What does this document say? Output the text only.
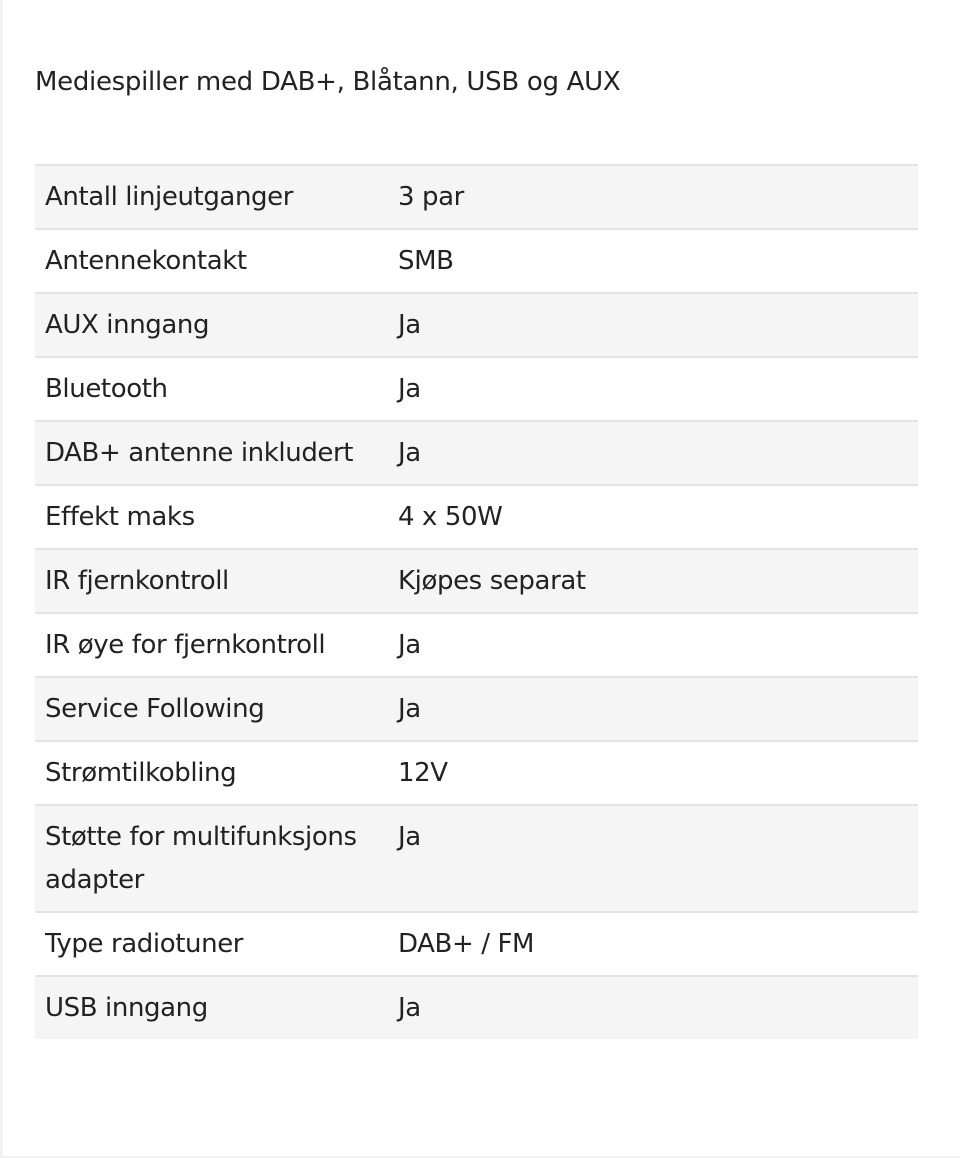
Mediespiller med DAB+, Blåtann, USB og AUX
Antall linjeutganger	3 par
Antennekontakt	SMB
AUX inngang	Ja
Bluetooth	Ja
DAB+ antenne inkludert	Ja
Effekt maks	4 x 50W
IR fjernkontroll	Kjøpes separat
IR øye for fjernkontroll	Ja
Service Following	Ja
Strømtilkobling	12V
Støtte for multifunksjons adapter	Ja
Type radiotuner	DAB+ / FM
USB inngang	Ja
